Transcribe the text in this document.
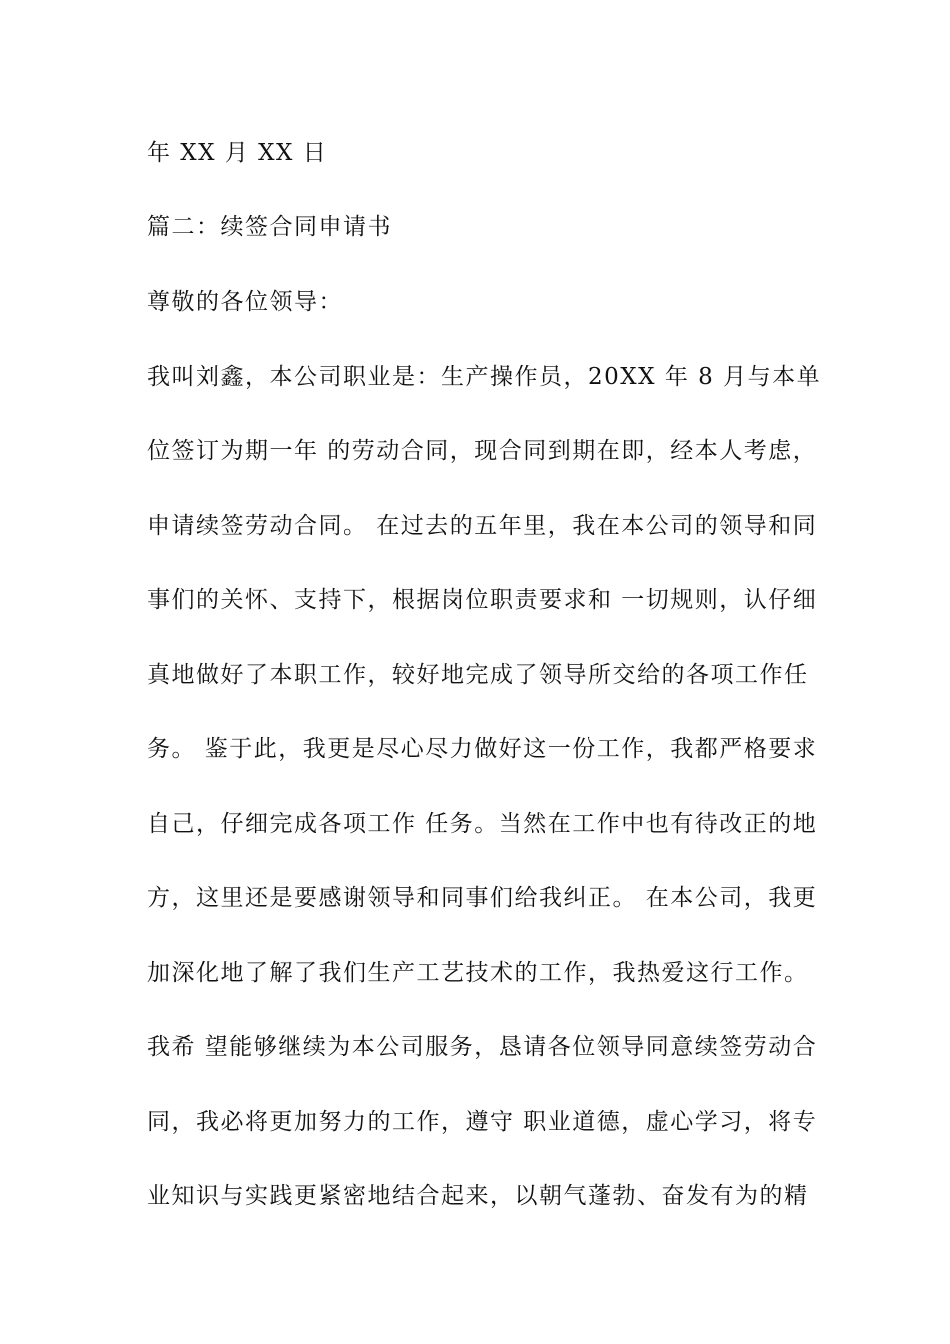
年 XX 月 XX 日
篇二：续签合同申请书
尊敬的各位领导：
我叫刘鑫，本公司职业是：生产操作员，20XX 年 8 月与本单
位签订为期一年 的劳动合同，现合同到期在即，经本人考虑，
申请续签劳动合同。 在过去的五年里，我在本公司的领导和同
事们的关怀、支持下，根据岗位职责要求和 一切规则，认仔细
真地做好了本职工作，较好地完成了领导所交给的各项工作任
务。 鉴于此，我更是尽心尽力做好这一份工作，我都严格要求
自己，仔细完成各项工作 任务。当然在工作中也有待改正的地
方，这里还是要感谢领导和同事们给我纠正。 在本公司，我更
加深化地了解了我们生产工艺技术的工作，我热爱这行工作。
我希 望能够继续为本公司服务，恳请各位领导同意续签劳动合
同，我必将更加努力的工作，遵守 职业道德，虚心学习，将专
业知识与实践更紧密地结合起来，以朝气蓬勃、奋发有为的精
